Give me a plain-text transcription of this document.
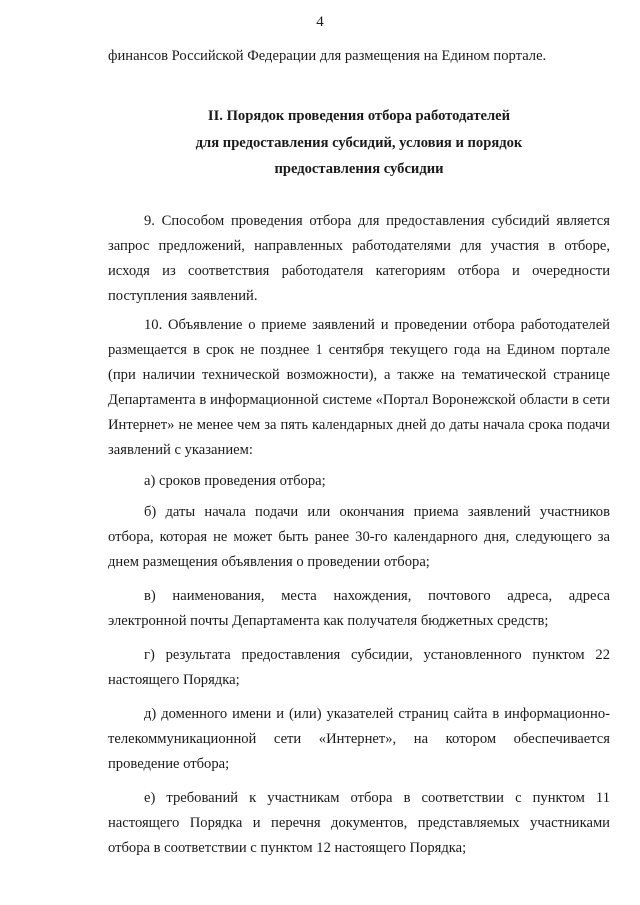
4

финансов Российской Федерации для размещения на Едином портале.

II. Порядок проведения отбора работодателей
для предоставления субсидий, условия и порядок
предоставления субсидии

9. Способом проведения отбора для предоставления субсидий является запрос предложений, направленных работодателями для участия в отборе, исходя из соответствия работодателя категориям отбора и очередности поступления заявлений.

10. Объявление о приеме заявлений и проведении отбора работодателей размещается в срок не позднее 1 сентября текущего года на Едином портале (при наличии технической возможности), а также на тематической странице Департамента в информационной системе «Портал Воронежской области в сети Интернет» не менее чем за пять календарных дней до даты начала срока подачи заявлений с указанием:

а) сроков проведения отбора;

б) даты начала подачи или окончания приема заявлений участников отбора, которая не может быть ранее 30-го календарного дня, следующего за днем размещения объявления о проведении отбора;

в) наименования, места нахождения, почтового адреса, адреса электронной почты Департамента как получателя бюджетных средств;

г) результата предоставления субсидии, установленного пунктом 22 настоящего Порядка;

д) доменного имени и (или) указателей страниц сайта в информационно-телекоммуникационной сети «Интернет», на котором обеспечивается проведение отбора;

е) требований к участникам отбора в соответствии с пунктом 11 настоящего Порядка и перечня документов, представляемых участниками отбора в соответствии с пунктом 12 настоящего Порядка;
